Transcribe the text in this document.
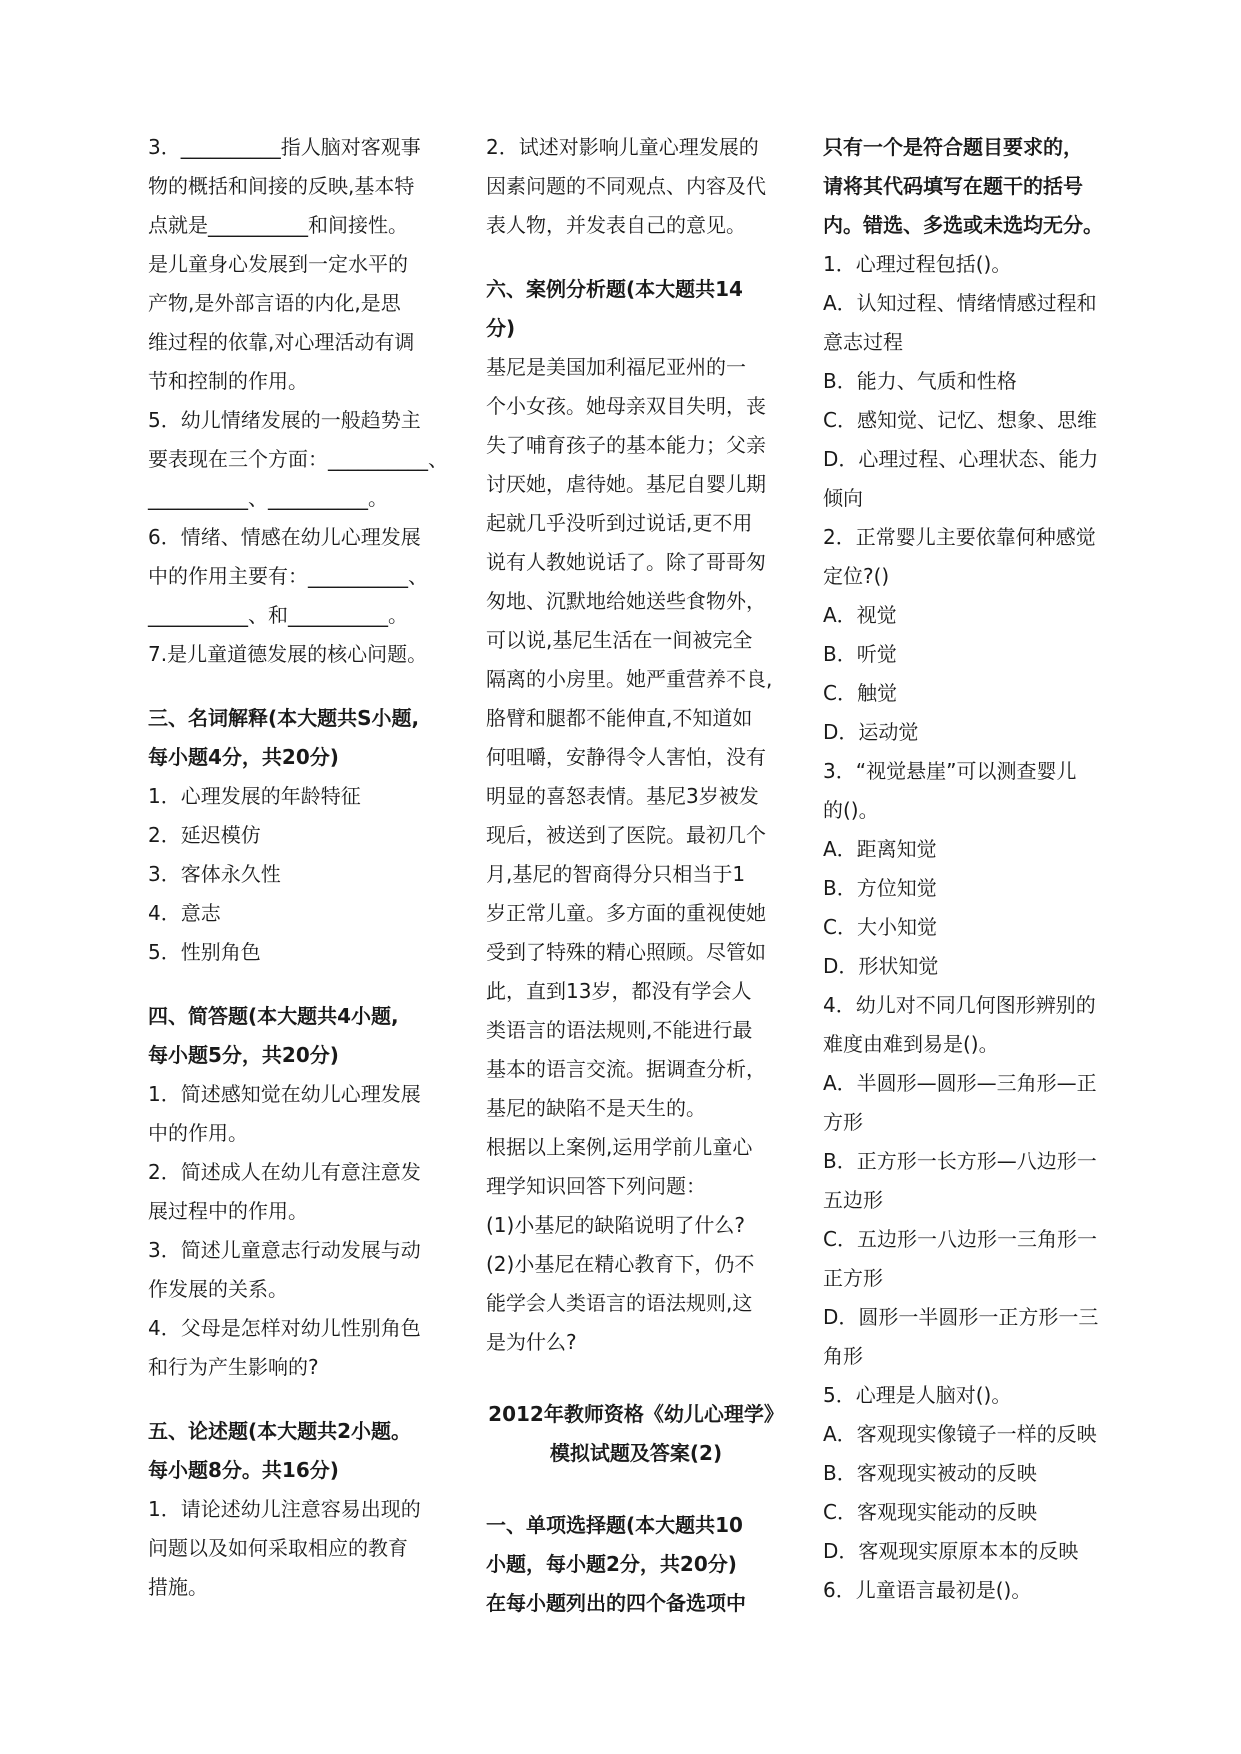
3．__________指人脑对客观事
物的概括和间接的反映,基本特
点就是__________和间接性。
是儿童身心发展到一定水平的
产物,是外部言语的内化,是思
维过程的依靠,对心理活动有调
节和控制的作用。
5．幼儿情绪发展的一般趋势主
要表现在三个方面：__________、
__________、__________。
6．情绪、情感在幼儿心理发展
中的作用主要有：__________、
__________、和__________。
7.是儿童道德发展的核心问题。
三、名词解释(本大题共S小题,
每小题4分，共20分)
1．心理发展的年龄特征
2．延迟模仿
3．客体永久性
4．意志
5．性别角色
四、简答题(本大题共4小题,
每小题5分，共20分)
1．简述感知觉在幼儿心理发展
中的作用。
2．简述成人在幼儿有意注意发
展过程中的作用。
3．简述儿童意志行动发展与动
作发展的关系。
4．父母是怎样对幼儿性别角色
和行为产生影响的?
五、论述题(本大题共2小题。
每小题8分。共16分)
1．请论述幼儿注意容易出现的
问题以及如何采取相应的教育
措施。
2．试述对影响儿童心理发展的
因素问题的不同观点、内容及代
表人物，并发表自己的意见。
六、案例分析题(本大题共14
分)
基尼是美国加利福尼亚州的一
个小女孩。她母亲双目失明，丧
失了哺育孩子的基本能力；父亲
讨厌她，虐待她。基尼自婴儿期
起就几乎没听到过说话,更不用
说有人教她说话了。除了哥哥匆
匆地、沉默地给她送些食物外，
可以说,基尼生活在一间被完全
隔离的小房里。她严重营养不良,
胳臂和腿都不能伸直,不知道如
何咀嚼，安静得令人害怕，没有
明显的喜怒表情。基尼3岁被发
现后，被送到了医院。最初几个
月,基尼的智商得分只相当于1
岁正常儿童。多方面的重视使她
受到了特殊的精心照顾。尽管如
此，直到13岁，都没有学会人
类语言的语法规则,不能进行最
基本的语言交流。据调查分析，
基尼的缺陷不是天生的。
根据以上案例,运用学前儿童心
理学知识回答下列问题：
(1)小基尼的缺陷说明了什么?
(2)小基尼在精心教育下，仍不
能学会人类语言的语法规则,这
是为什么?
2012年教师资格《幼儿心理学》
模拟试题及答案(2)
一、单项选择题(本大题共10
小题，每小题2分，共20分)
在每小题列出的四个备选项中
只有一个是符合题目要求的，
请将其代码填写在题干的括号
内。错选、多选或未选均无分。
1．心理过程包括()。
A．认知过程、情绪情感过程和
意志过程
B．能力、气质和性格
C．感知觉、记忆、想象、思维
D．心理过程、心理状态、能力
倾向
2．正常婴儿主要依靠何种感觉
定位?()
A．视觉
B．听觉
C．触觉
D．运动觉
3．“视觉悬崖”可以测查婴儿
的()。
A．距离知觉
B．方位知觉
C．大小知觉
D．形状知觉
4．幼儿对不同几何图形辨别的
难度由难到易是()。
A．半圆形—圆形—三角形—正
方形
B．正方形一长方形—八边形一
五边形
C．五边形一八边形一三角形一
正方形
D．圆形一半圆形一正方形一三
角形
5．心理是人脑对()。
A．客观现实像镜子一样的反映
B．客观现实被动的反映
C．客观现实能动的反映
D．客观现实原原本本的反映
6．儿童语言最初是()。
